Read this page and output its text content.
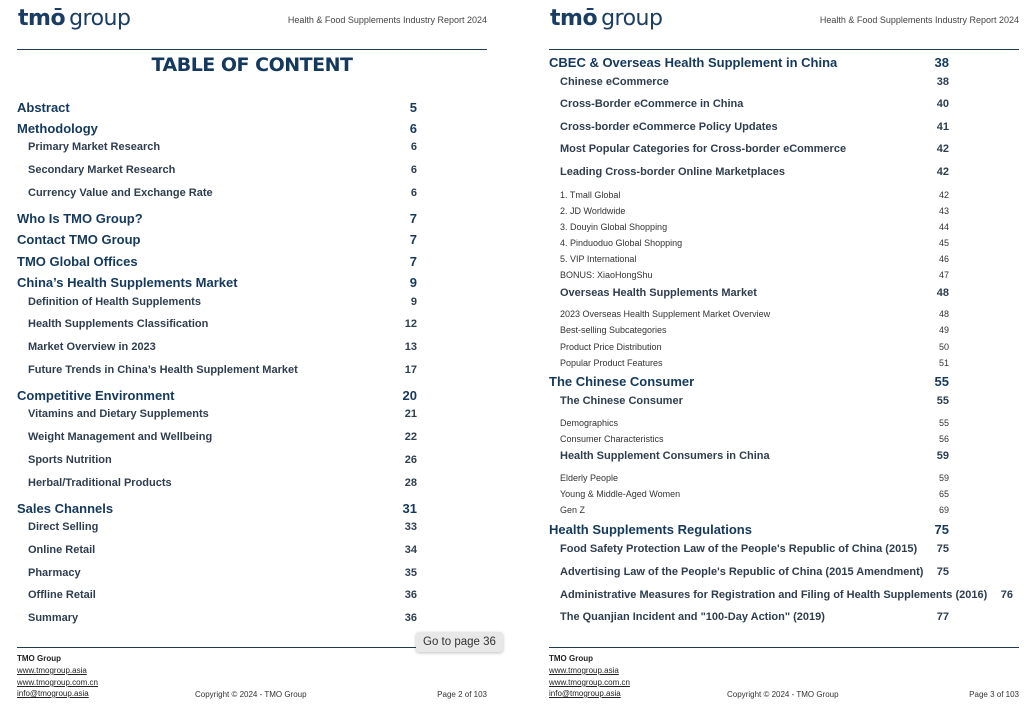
tmō group	Health & Food Supplements Industry Report 2024
TABLE OF CONTENT
Abstract	5
Methodology	6
Primary Market Research	6
Secondary Market Research	6
Currency Value and Exchange Rate	6
Who Is TMO Group?	7
Contact TMO Group	7
TMO Global Offices	7
China’s Health Supplements Market	9
Definition of Health Supplements	9
Health Supplements Classification	12
Market Overview in 2023	13
Future Trends in China’s Health Supplement Market	17
Competitive Environment	20
Vitamins and Dietary Supplements	21
Weight Management and Wellbeing	22
Sports Nutrition	26
Herbal/Traditional Products	28
Sales Channels	31
Direct Selling	33
Online Retail	34
Pharmacy	35
Offline Retail	36
Summary	36
TMO Group
www.tmogroup.asia
www.tmogroup.com.cn
info@tmogroup.asia	Copyright © 2024 - TMO Group	Page 2 of 103
tmō group	Health & Food Supplements Industry Report 2024
CBEC & Overseas Health Supplement in China	38
Chinese eCommerce	38
Cross-Border eCommerce in China	40
Cross-border eCommerce Policy Updates	41
Most Popular Categories for Cross-border eCommerce	42
Leading Cross-border Online Marketplaces	42
1. Tmall Global	42
2. JD Worldwide	43
3. Douyin Global Shopping	44
4. Pinduoduo Global Shopping	45
5. VIP International	46
BONUS: XiaoHongShu	47
Overseas Health Supplements Market	48
2023 Overseas Health Supplement Market Overview	48
Best-selling Subcategories	49
Product Price Distribution	50
Popular Product Features	51
The Chinese Consumer	55
The Chinese Consumer	55
Demographics	55
Consumer Characteristics	56
Health Supplement Consumers in China	59
Elderly People	59
Young & Middle-Aged Women	65
Gen Z	69
Health Supplements Regulations	75
Food Safety Protection Law of the People's Republic of China (2015)	75
Advertising Law of the People's Republic of China (2015 Amendment)	75
Administrative Measures for Registration and Filing of Health Supplements (2016)	76
The Quanjian Incident and "100-Day Action" (2019)	77
TMO Group
www.tmogroup.asia
www.tmogroup.com.cn
info@tmogroup.asia	Copyright © 2024 - TMO Group	Page 3 of 103
Go to page 36
